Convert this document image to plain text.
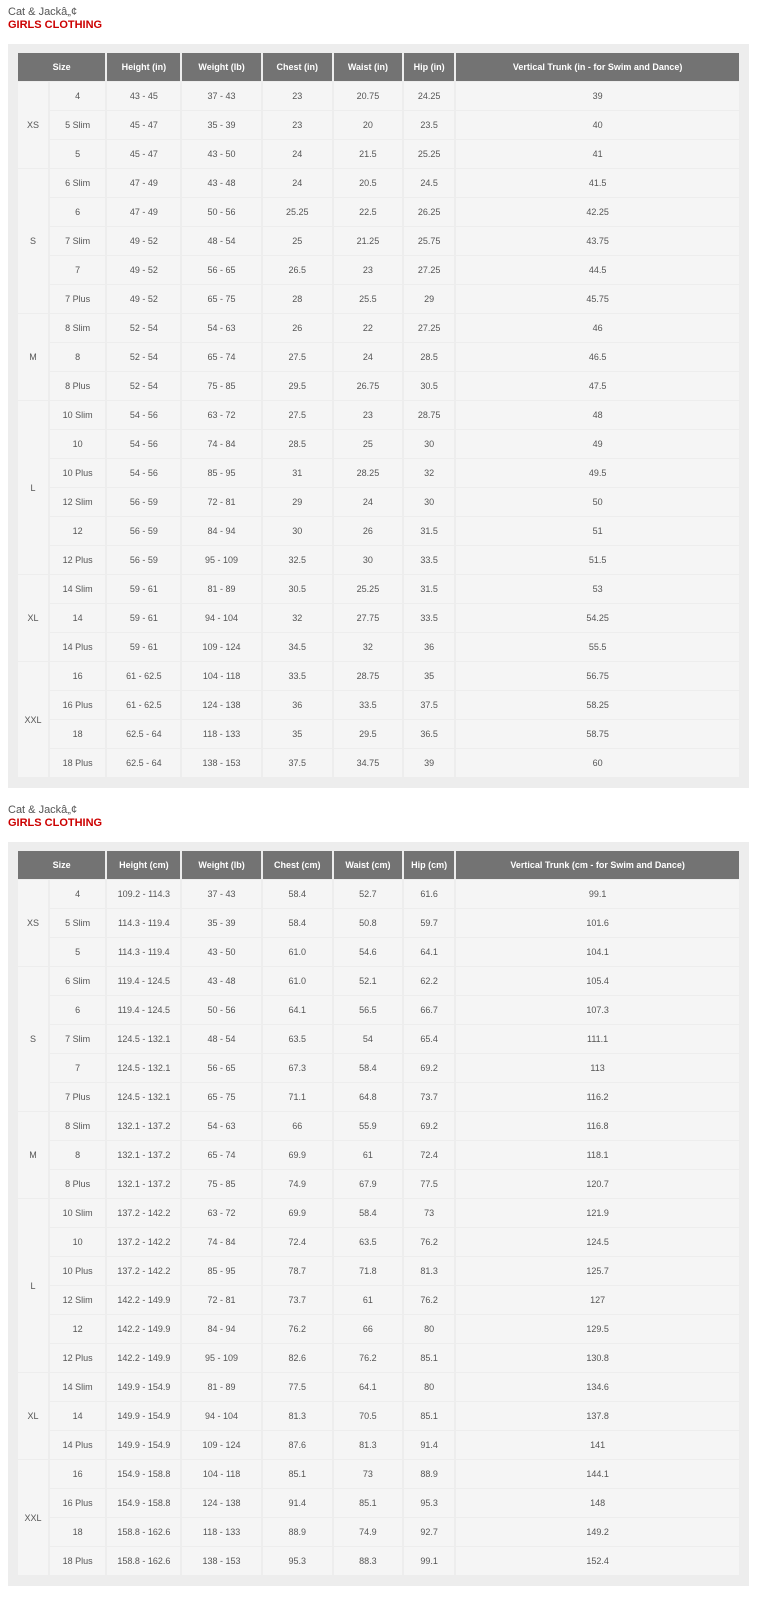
Cat & Jackâ„¢
GIRLS CLOTHING
Size		Height (in)	Weight (lb)	Chest (in)	Waist (in)	Hip (in)	Vertical Trunk (in - for Swim and Dance)
XS	4	43 - 45	37 - 43	23	20.75	24.25	39
	5 Slim	45 - 47	35 - 39	23	20	23.5	40
	5	45 - 47	43 - 50	24	21.5	25.25	41
S	6 Slim	47 - 49	43 - 48	24	20.5	24.5	41.5
	6	47 - 49	50 - 56	25.25	22.5	26.25	42.25
	7 Slim	49 - 52	48 - 54	25	21.25	25.75	43.75
	7	49 - 52	56 - 65	26.5	23	27.25	44.5
	7 Plus	49 - 52	65 - 75	28	25.5	29	45.75
M	8 Slim	52 - 54	54 - 63	26	22	27.25	46
	8	52 - 54	65 - 74	27.5	24	28.5	46.5
	8 Plus	52 - 54	75 - 85	29.5	26.75	30.5	47.5
L	10 Slim	54 - 56	63 - 72	27.5	23	28.75	48
	10	54 - 56	74 - 84	28.5	25	30	49
	10 Plus	54 - 56	85 - 95	31	28.25	32	49.5
	12 Slim	56 - 59	72 - 81	29	24	30	50
	12	56 - 59	84 - 94	30	26	31.5	51
	12 Plus	56 - 59	95 - 109	32.5	30	33.5	51.5
XL	14 Slim	59 - 61	81 - 89	30.5	25.25	31.5	53
	14	59 - 61	94 - 104	32	27.75	33.5	54.25
	14 Plus	59 - 61	109 - 124	34.5	32	36	55.5
XXL	16	61 - 62.5	104 - 118	33.5	28.75	35	56.75
	16 Plus	61 - 62.5	124 - 138	36	33.5	37.5	58.25
	18	62.5 - 64	118 - 133	35	29.5	36.5	58.75
	18 Plus	62.5 - 64	138 - 153	37.5	34.75	39	60
Cat & Jackâ„¢
GIRLS CLOTHING
Size		Height (cm)	Weight (lb)	Chest (cm)	Waist (cm)	Hip (cm)	Vertical Trunk (cm - for Swim and Dance)
XS	4	109.2 - 114.3	37 - 43	58.4	52.7	61.6	99.1
	5 Slim	114.3 - 119.4	35 - 39	58.4	50.8	59.7	101.6
	5	114.3 - 119.4	43 - 50	61.0	54.6	64.1	104.1
S	6 Slim	119.4 - 124.5	43 - 48	61.0	52.1	62.2	105.4
	6	119.4 - 124.5	50 - 56	64.1	56.5	66.7	107.3
	7 Slim	124.5 - 132.1	48 - 54	63.5	54	65.4	111.1
	7	124.5 - 132.1	56 - 65	67.3	58.4	69.2	113
	7 Plus	124.5 - 132.1	65 - 75	71.1	64.8	73.7	116.2
M	8 Slim	132.1 - 137.2	54 - 63	66	55.9	69.2	116.8
	8	132.1 - 137.2	65 - 74	69.9	61	72.4	118.1
	8 Plus	132.1 - 137.2	75 - 85	74.9	67.9	77.5	120.7
L	10 Slim	137.2 - 142.2	63 - 72	69.9	58.4	73	121.9
	10	137.2 - 142.2	74 - 84	72.4	63.5	76.2	124.5
	10 Plus	137.2 - 142.2	85 - 95	78.7	71.8	81.3	125.7
	12 Slim	142.2 - 149.9	72 - 81	73.7	61	76.2	127
	12	142.2 - 149.9	84 - 94	76.2	66	80	129.5
	12 Plus	142.2 - 149.9	95 - 109	82.6	76.2	85.1	130.8
XL	14 Slim	149.9 - 154.9	81 - 89	77.5	64.1	80	134.6
	14	149.9 - 154.9	94 - 104	81.3	70.5	85.1	137.8
	14 Plus	149.9 - 154.9	109 - 124	87.6	81.3	91.4	141
XXL	16	154.9 - 158.8	104 - 118	85.1	73	88.9	144.1
	16 Plus	154.9 - 158.8	124 - 138	91.4	85.1	95.3	148
	18	158.8 - 162.6	118 - 133	88.9	74.9	92.7	149.2
	18 Plus	158.8 - 162.6	138 - 153	95.3	88.3	99.1	152.4
